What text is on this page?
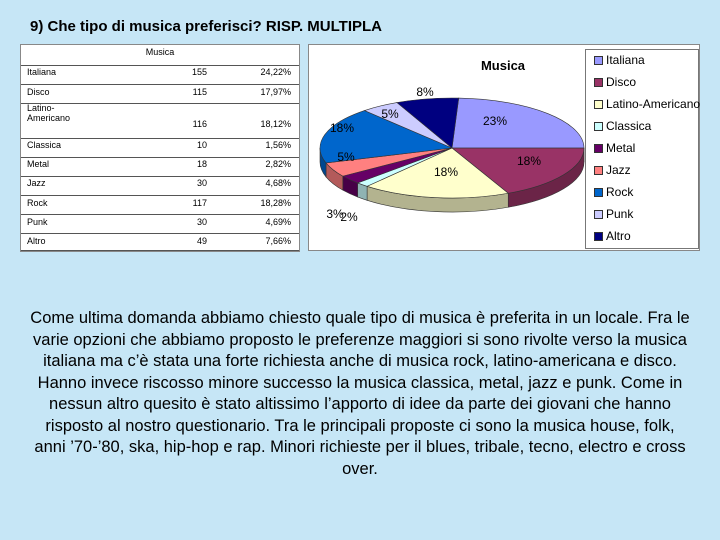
9) Che tipo di musica preferisci? RISP. MULTIPLA
Musica
Italiana	155	24,22%
Disco	115	17,97%
Latino-Americano
116	18,12%
Classica	10	1,56%
Metal	18	2,82%
Jazz	30	4,68%
Rock	117	18,28%
Punk	30	4,69%
Altro	49	7,66%
Musica
23%
18%
18%
2%
3%
5%
18%
5%
8%
Italiana
Disco
Latino-Americano
Classica
Metal
Jazz
Rock
Punk
Altro
Come ultima domanda abbiamo chiesto quale tipo di musica è preferita in un locale. Fra le varie opzioni che abbiamo proposto le preferenze maggiori si sono rivolte verso la musica italiana ma c’è stata una forte richiesta anche di musica rock, latino-americana e disco. Hanno invece riscosso minore successo la musica classica, metal, jazz e punk. Come in nessun altro quesito è stato altissimo l’apporto di idee da parte dei giovani che hanno risposto al nostro questionario. Tra le principali proposte ci sono la musica house, folk, anni ’70-’80, ska, hip-hop e rap. Minori richieste per il blues, tribale, tecno, electro e cross over.
